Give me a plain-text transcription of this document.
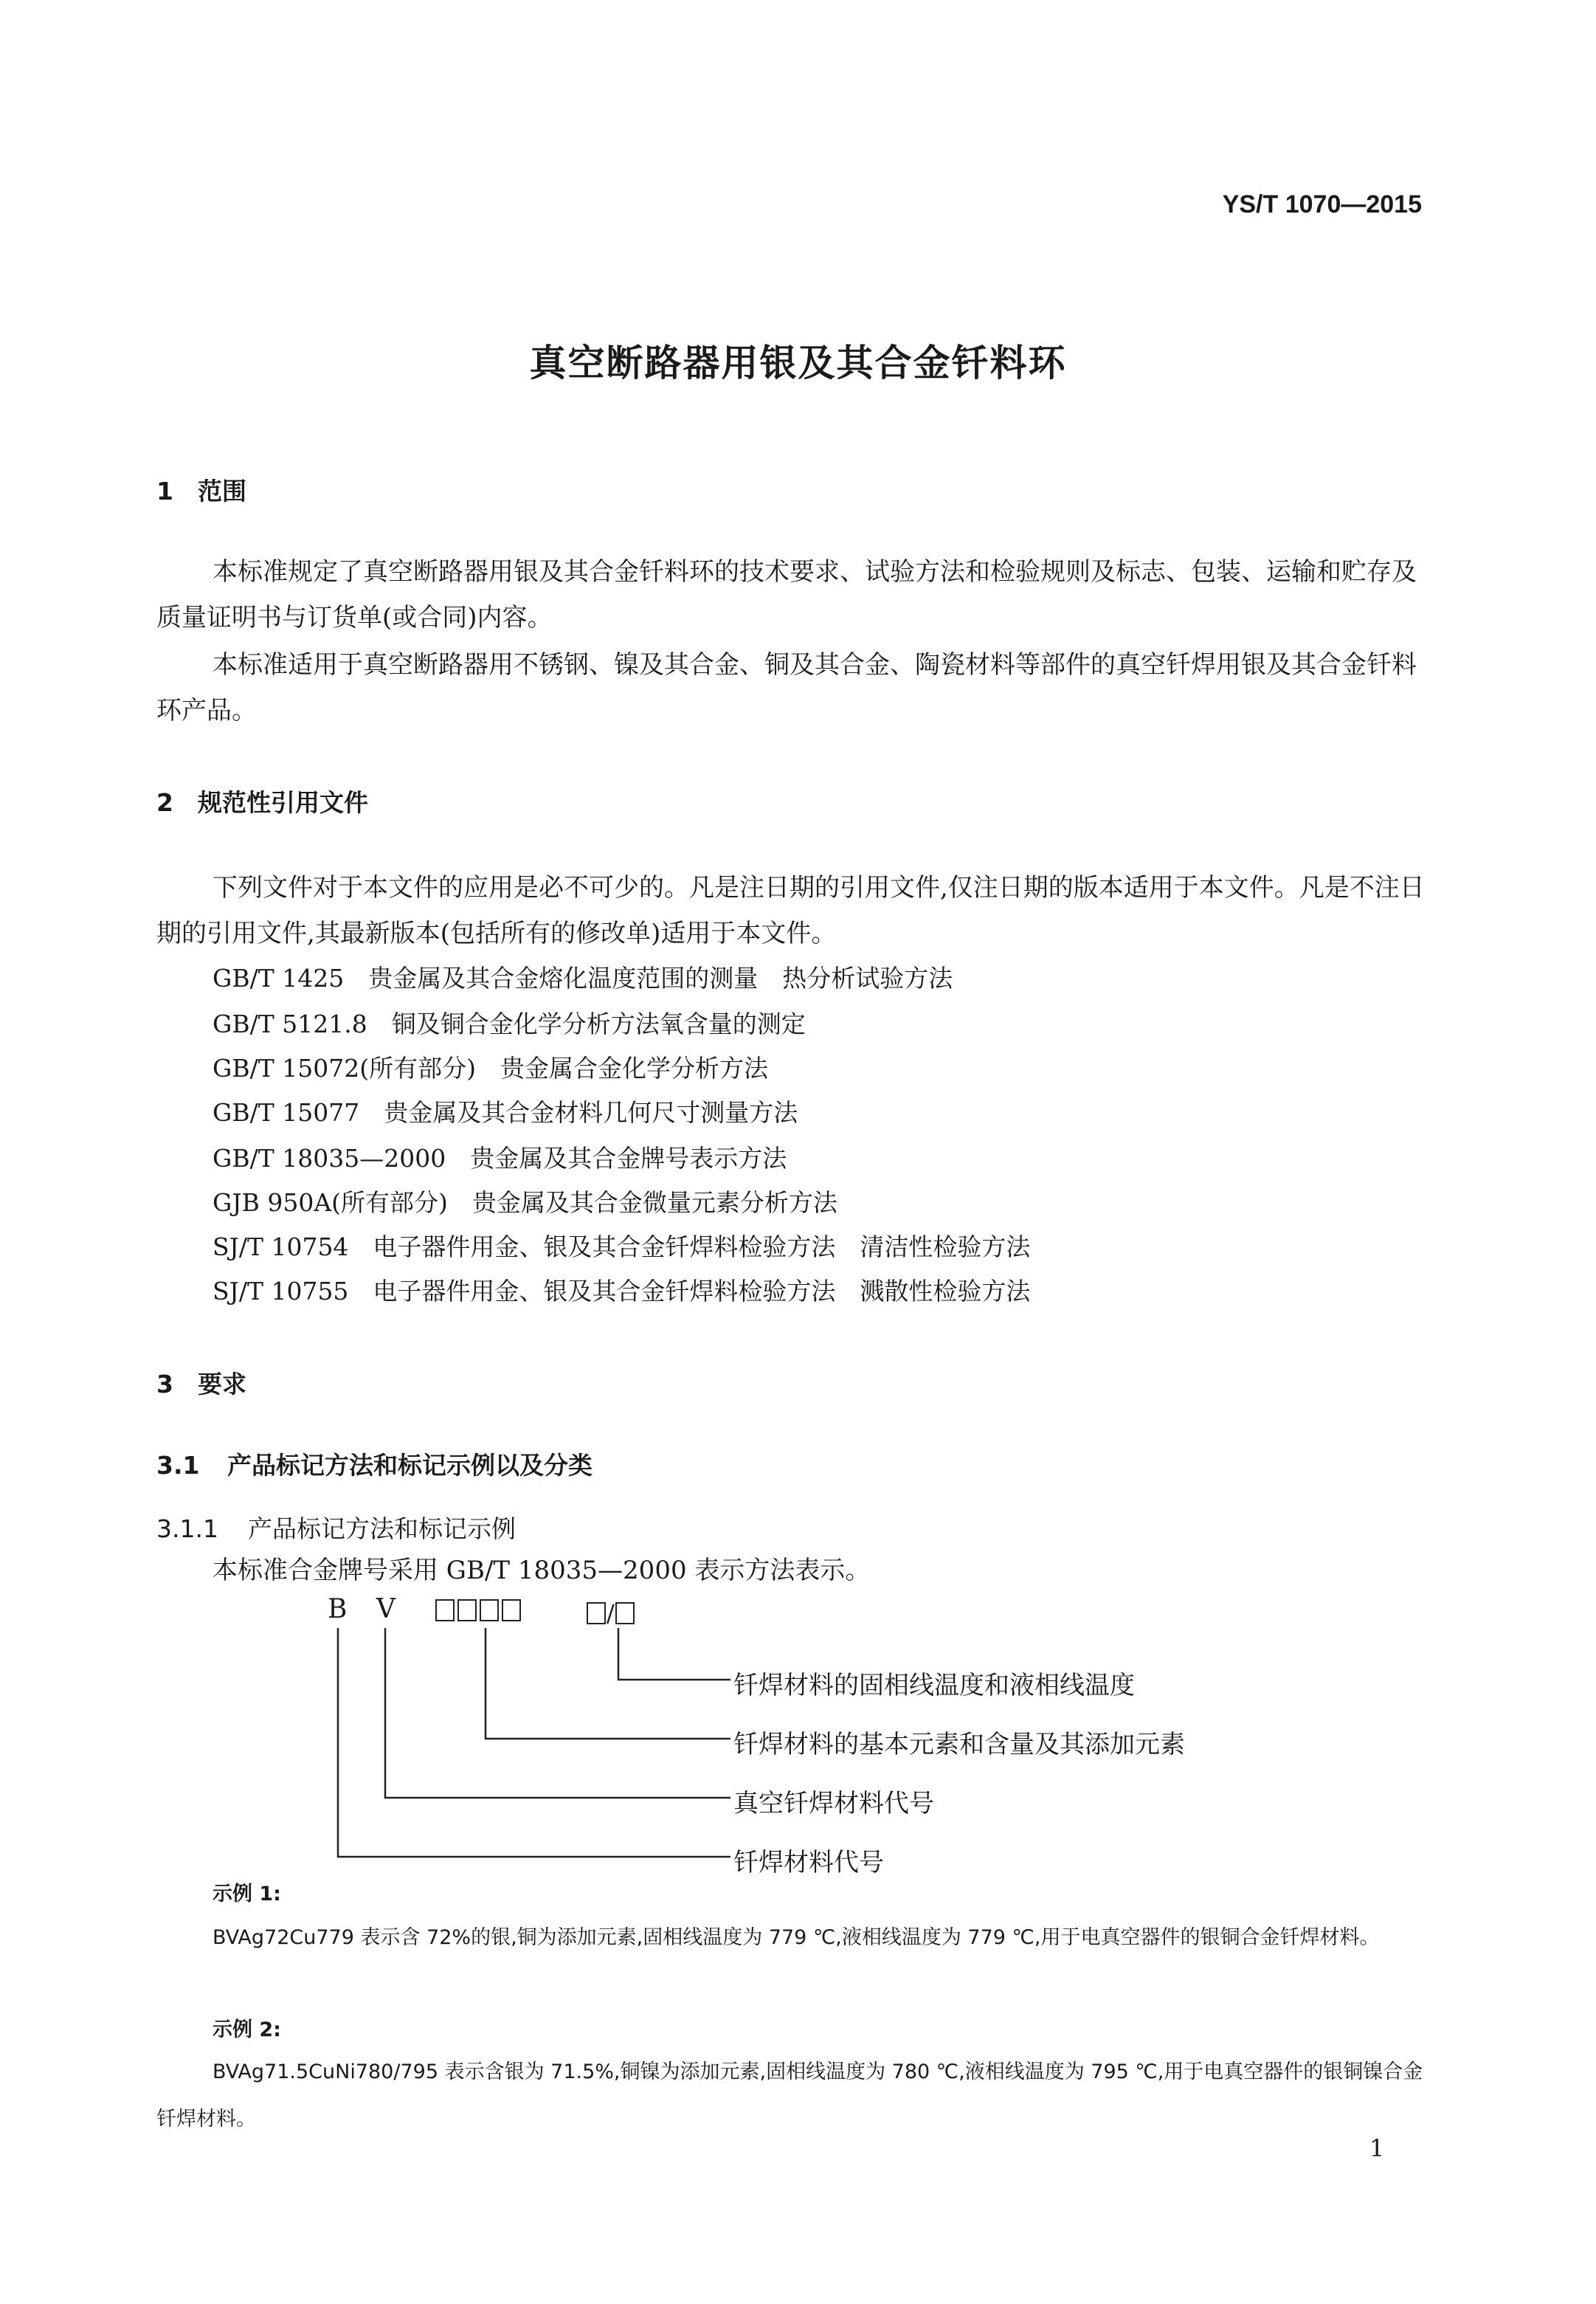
YS/T 1070—2015
真空断路器用银及其合金钎料环
1 范围
本标准规定了真空断路器用银及其合金钎料环的技术要求、试验方法和检验规则及标志、包装、运输和贮存及质量证明书与订货单(或合同)内容。
本标准适用于真空断路器用不锈钢、镍及其合金、铜及其合金、陶瓷材料等部件的真空钎焊用银及其合金钎料环产品。
2 规范性引用文件
下列文件对于本文件的应用是必不可少的。凡是注日期的引用文件,仅注日期的版本适用于本文件。凡是不注日期的引用文件,其最新版本(包括所有的修改单)适用于本文件。
GB/T 1425　贵金属及其合金熔化温度范围的测量　热分析试验方法
GB/T 5121.8　铜及铜合金化学分析方法氧含量的测定
GB/T 15072(所有部分)　贵金属合金化学分析方法
GB/T 15077　贵金属及其合金材料几何尺寸测量方法
GB/T 18035—2000　贵金属及其合金牌号表示方法
GJB 950A(所有部分)　贵金属及其合金微量元素分析方法
SJ/T 10754　电子器件用金、银及其合金钎焊料检验方法　清洁性检验方法
SJ/T 10755　电子器件用金、银及其合金钎焊料检验方法　溅散性检验方法
3 要求
3.1 产品标记方法和标记示例以及分类
3.1.1 产品标记方法和标记示例
本标准合金牌号采用 GB/T 18035—2000 表示方法表示。
B V	/
钎焊材料的固相线温度和液相线温度
钎焊材料的基本元素和含量及其添加元素
真空钎焊材料代号
钎焊材料代号
示例 1:
BVAg72Cu779 表示含 72%的银,铜为添加元素,固相线温度为 779 ℃,液相线温度为 779 ℃,用于电真空器件的银铜合金钎焊材料。
示例 2:
BVAg71.5CuNi780/795 表示含银为 71.5%,铜镍为添加元素,固相线温度为 780 ℃,液相线温度为 795 ℃,用于电真空器件的银铜镍合金钎焊材料。
1
